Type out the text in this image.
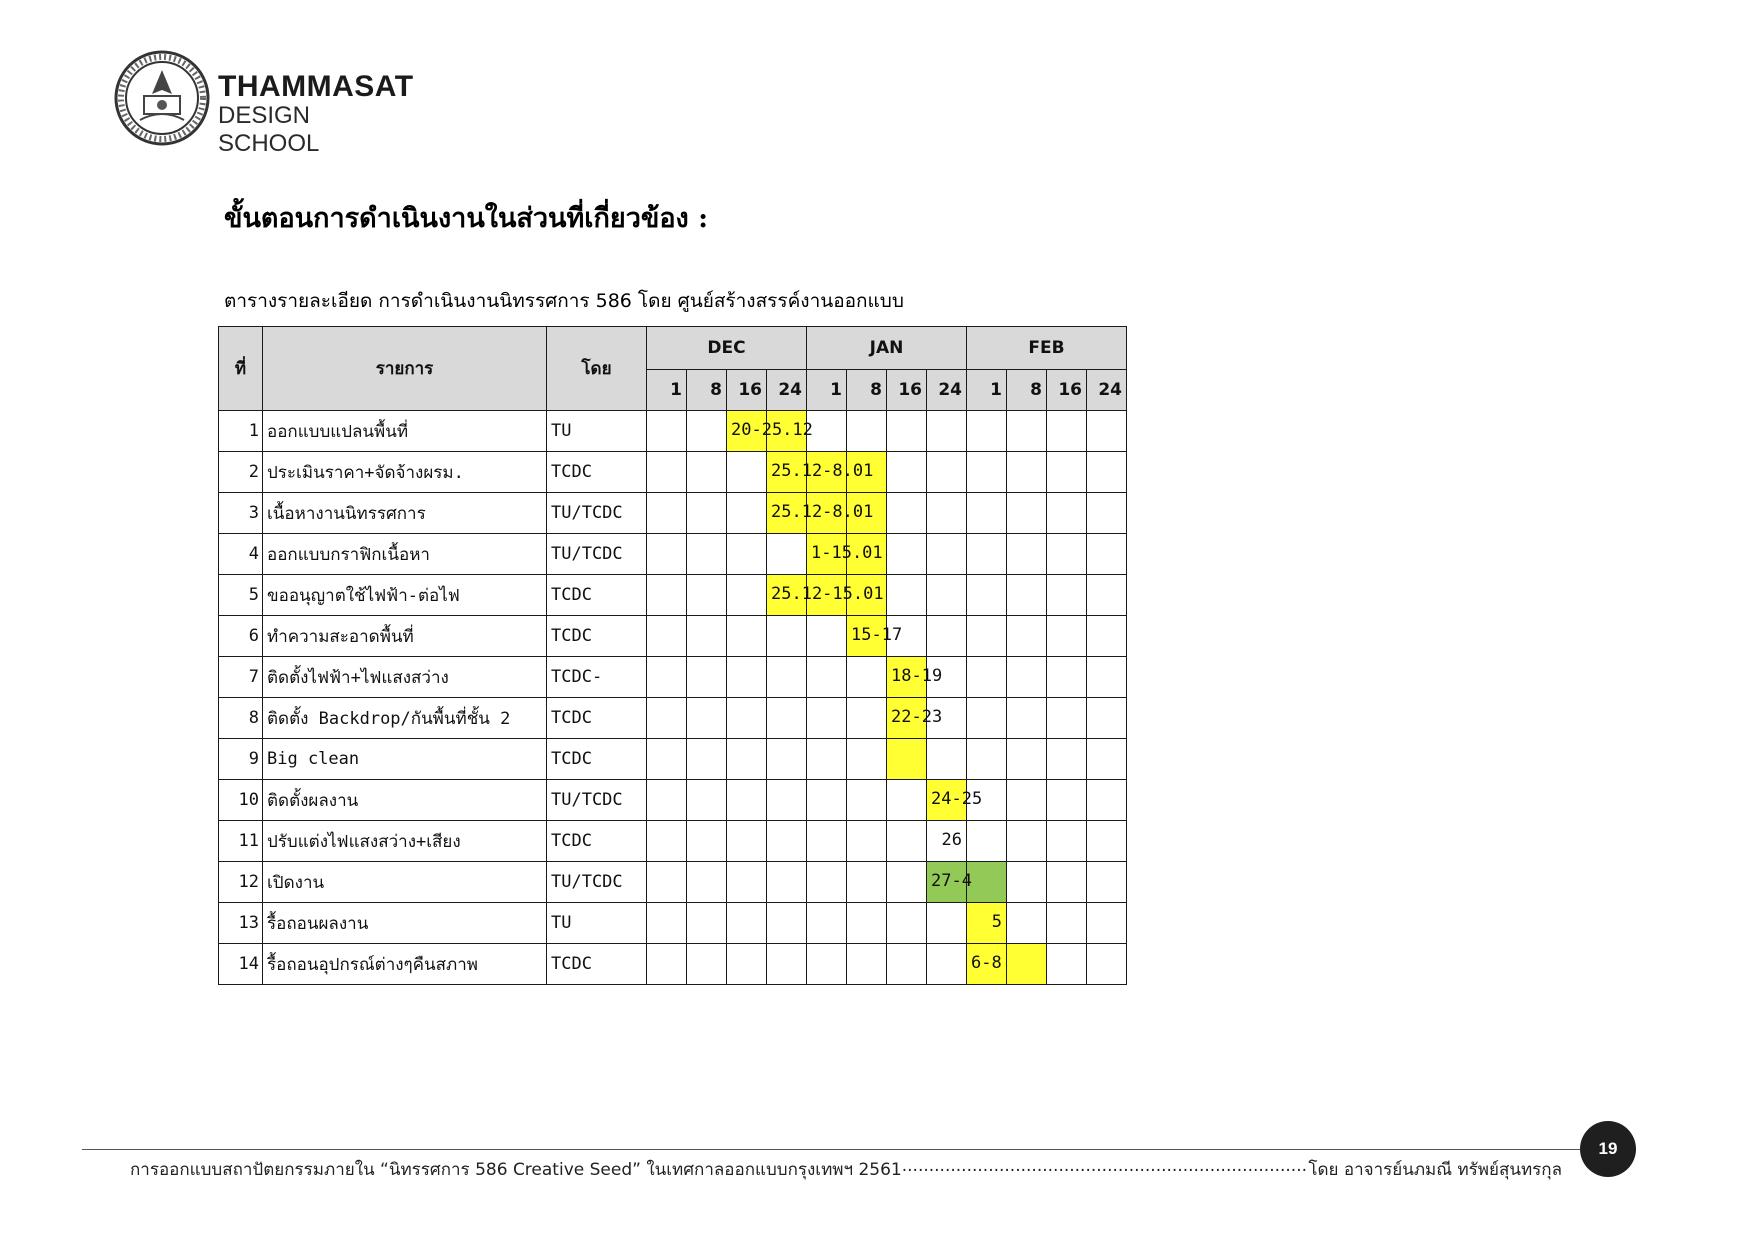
THAMMASAT
DESIGN SCHOOL
ขั้นตอนการดำเนินงานในส่วนที่เกี่ยวข้อง :
ตารางรายละเอียด การดำเนินงานนิทรรศการ 586 โดย ศูนย์สร้างสรรค์งานออกแบบ
ที่	รายการ	โดย	DEC				JAN				FEB			
			1	8	16	24	1	8	16	24	1	8	16	24
1	ออกแบบแปลนพื้นที่	TU			20-25.12									

2	ประเมินราคา+จัดจ้างผรม.	TCDC				25.12-8.01								

3	เนื้อหางานนิทรรศการ	TU/TCDC				25.12-8.01								

4	ออกแบบกราฟิกเนื้อหา	TU/TCDC					1-15.01							

5	ขออนุญาตใช้ไฟฟ้า-ต่อไฟ	TCDC				25.12-15.01								

6	ทำความสะอาดพื้นที่	TCDC						15-17						

7	ติดตั้งไฟฟ้า+ไฟแสงสว่าง	TCDC-							18-19					

8	ติดตั้ง Backdrop/กันพื้นที่ชั้น 2	TCDC							22-23					

9	Big clean	TCDC												
10	ติดตั้งผลงาน	TU/TCDC								24-25				

11	ปรับแต่งไฟแสงสว่าง+เสียง	TCDC								26				

12	เปิดงาน	TU/TCDC								27-4				

13	รื้อถอนผลงาน	TU									5			

14	รื้อถอนอุปกรณ์ต่างๆคืนสภาพ	TCDC									6-8			

การออกแบบสถาปัตยกรรมภายใน “นิทรรศการ 586 Creative Seed” ในเทศกาลออกแบบกรุงเทพฯ 2561 .....	โดย อาจารย์นภมณี ทรัพย์สุนทรกุล
19
